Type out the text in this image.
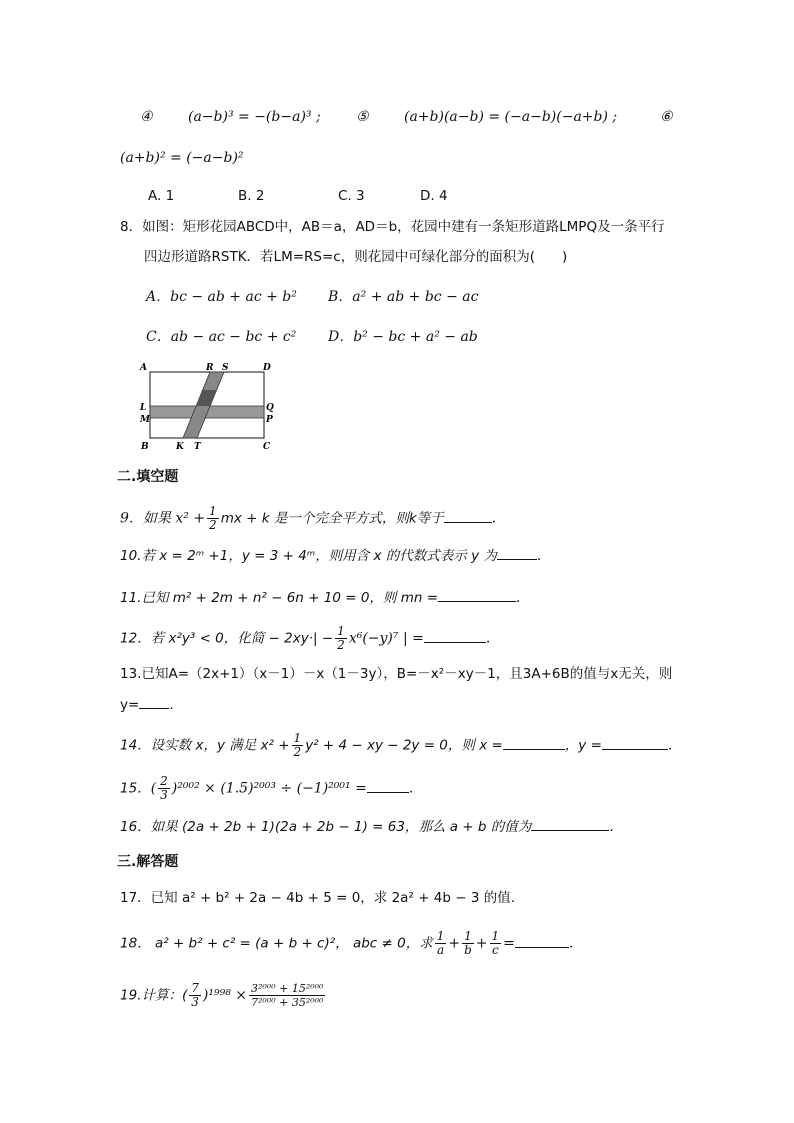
④	(a−b)³ = −(b−a)³ ;	⑤	(a+b)(a−b) = (−a−b)(−a+b) ;	⑥
(a+b)² = (−a−b)²
A. 1	B. 2	C. 3	D. 4
8．如图：矩形花园ABCD中，AB＝a，AD＝b，花园中建有一条矩形道路LMPQ及一条平行
四边形道路RSTK．若LM=RS=c，则花园中可绿化部分的面积为(　　)
A．bc − ab + ac + b² B．a² + ab + bc − ac
C．ab − ac − bc + c² D．b² − bc + a² − ab
A	R S	D
L	Q
M	P
B	K T	C
二.填空题
9．如果 $x^2 + \frac{1}{2}$ mx + k 是一个完全平方式，则k等于	.
10.若 x = 2ᵐ +1，y = 3 + 4ᵐ，则用含 x 的代数式表示 y 为	.
11.已知 m² + 2m + n² − 6n + 10 = 0，则 mn =	.
12．若 x²y³ < 0，化简 − $2xy\cdot| - \frac{1}{2} x^6(-y)^7$ | =	.
13.已知A=（2x+1）（x－1）－x（1－3y），B=－x²－xy－1，且3A+6B的值与x无关，则
y= .
14．设实数 x，y 满足 $x^2 + \frac{1}{2} y^2 + 4$ − xy − 2y = 0，则 x =	，y =	.
15．( $\frac{2}{3} )^{2002} \times (1.5)^{2003} \div (-1)^{2001}$ =	.
16．如果 (2a + 2b + 1)(2a + 2b − 1) = 63，那么 a + b 的值为	.
三.解答题
17．已知 a² + b² + 2a − 4b + 5 = 0，求 2a² + 4b − 3 的值.
18． a² + b² + c² = (a + b + c)²， abc ≠ 0，求 $\frac{1}{a} + \frac{1}{b} + \frac{1}{c}$ =	.
19.计算：( $\frac{7}{3} )^{1998} \times \frac{\text{3²⁰⁰⁰ + 15²⁰⁰⁰}}{\text{7²⁰⁰⁰ + 35²⁰⁰⁰}}$
